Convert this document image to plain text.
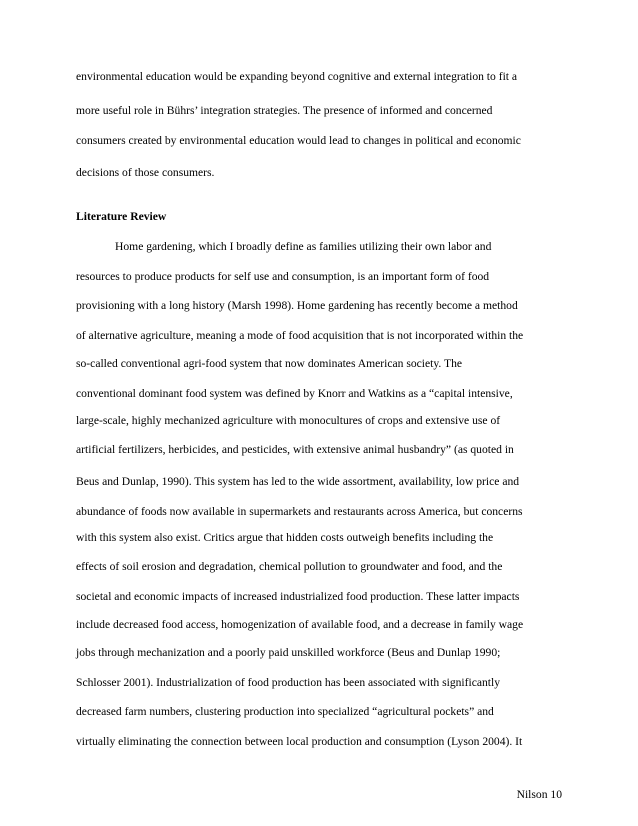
environmental education would be expanding beyond cognitive and external integration to fit a
more useful role in Bührs’ integration strategies. The presence of informed and concerned
consumers created by environmental education would lead to changes in political and economic
decisions of those consumers.
Literature Review
Home gardening, which I broadly define as families utilizing their own labor and
resources to produce products for self use and consumption, is an important form of food
provisioning with a long history (Marsh 1998). Home gardening has recently become a method
of alternative agriculture, meaning a mode of food acquisition that is not incorporated within the
so-called conventional agri-food system that now dominates American society. The
conventional dominant food system was defined by Knorr and Watkins as a “capital intensive,
large-scale, highly mechanized agriculture with monocultures of crops and extensive use of
artificial fertilizers, herbicides, and pesticides, with extensive animal husbandry” (as quoted in
Beus and Dunlap, 1990). This system has led to the wide assortment, availability, low price and
abundance of foods now available in supermarkets and restaurants across America, but concerns
with this system also exist. Critics argue that hidden costs outweigh benefits including the
effects of soil erosion and degradation, chemical pollution to groundwater and food, and the
societal and economic impacts of increased industrialized food production. These latter impacts
include decreased food access, homogenization of available food, and a decrease in family wage
jobs through mechanization and a poorly paid unskilled workforce (Beus and Dunlap 1990;
Schlosser 2001). Industrialization of food production has been associated with significantly
decreased farm numbers, clustering production into specialized “agricultural pockets” and
virtually eliminating the connection between local production and consumption (Lyson 2004). It
Nilson 10
